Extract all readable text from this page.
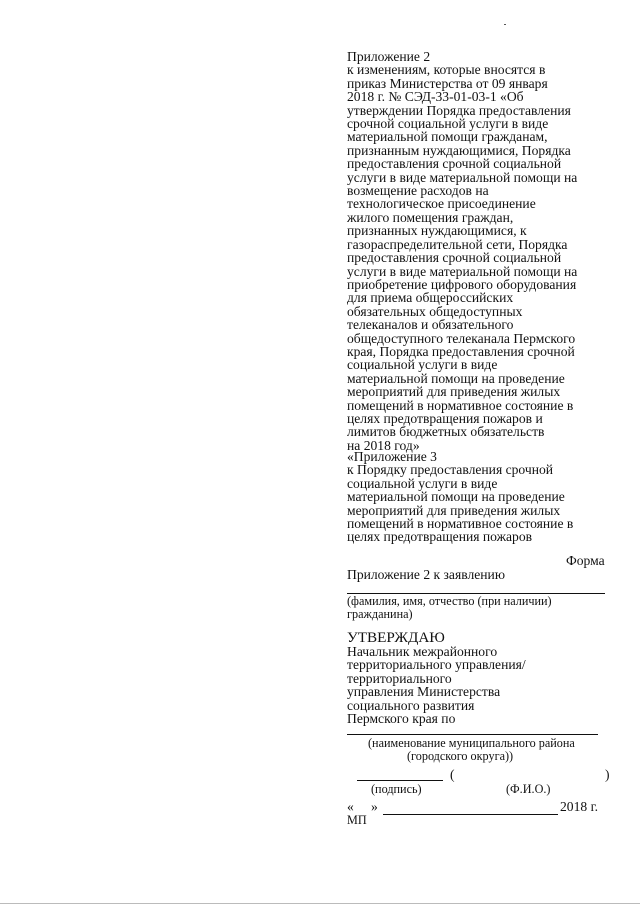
Приложение 2
к изменениям, которые вносятся в
приказ Министерства от 09 января
2018 г. № СЭД-33-01-03-1 «Об
утверждении Порядка предоставления
срочной социальной услуги в виде
материальной помощи гражданам,
признанным нуждающимися, Порядка
предоставления срочной социальной
услуги в виде материальной помощи на
возмещение расходов на
технологическое присоединение
жилого помещения граждан,
признанных нуждающимися, к
газораспределительной сети, Порядка
предоставления срочной социальной
услуги в виде материальной помощи на
приобретение цифрового оборудования
для приема общероссийских
обязательных общедоступных
телеканалов и обязательного
общедоступного телеканала Пермского
края, Порядка предоставления срочной
социальной услуги в виде
материальной помощи на проведение
мероприятий для приведения жилых
помещений в нормативное состояние в
целях предотвращения пожаров и
лимитов бюджетных обязательств
на 2018 год»
«Приложение 3
к Порядку предоставления срочной
социальной услуги в виде
материальной помощи на проведение
мероприятий для приведения жилых
помещений в нормативное состояние в
целях предотвращения пожаров
Форма
Приложение 2 к заявлению
(фамилия, имя, отчество (при наличии)
гражданина)
УТВЕРЖДАЮ
Начальник межрайонного
территориального управления/
территориального
управления Министерства
социального развития
Пермского края по
(наименование муниципального района
(городского округа))
(	)
(подпись)	(Ф.И.О.)
« »	2018 г.
МП
